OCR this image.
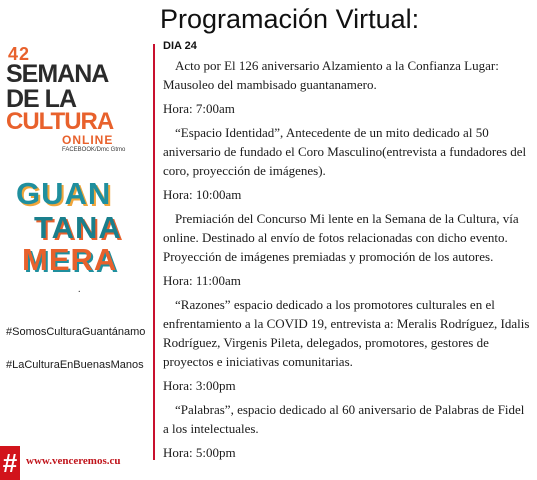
42
SEMANA
DE LA
CULTURA
ONLINE
FACEBOOK/Dmc Gtmo
GUAN
TANA
MERA
.
#SomosCulturaGuantánamo
#LaCulturaEnBuenasManos
# www.venceremos.cu
Programación Virtual:
DIA 24

Acto por El 126 aniversario Alzamiento a la Confianza Lugar: Mausoleo del mambisado guantanamero.

Hora: 7:00am

“Espacio Identidad”, Antecedente de un mito dedicado al 50 aniversario de fundado el Coro Masculino(entrevista a fundadores del coro, proyección de imágenes).

Hora: 10:00am

Premiación del Concurso Mi lente en la Semana de la Cultura, vía online. Destinado al envío de fotos relacionadas con dicho evento. Proyección de imágenes premiadas y promoción de los autores.

Hora: 11:00am

“Razones” espacio dedicado a los promotores culturales en el enfrentamiento a la COVID 19, entrevista a: Meralis Rodríguez, Idalis Rodríguez, Virgenis Pileta, delegados, promotores, gestores de proyectos e iniciativas comunitarias.

Hora: 3:00pm

“Palabras”, espacio dedicado al 60 aniversario de Palabras de Fidel a los intelectuales.

Hora: 5:00pm
